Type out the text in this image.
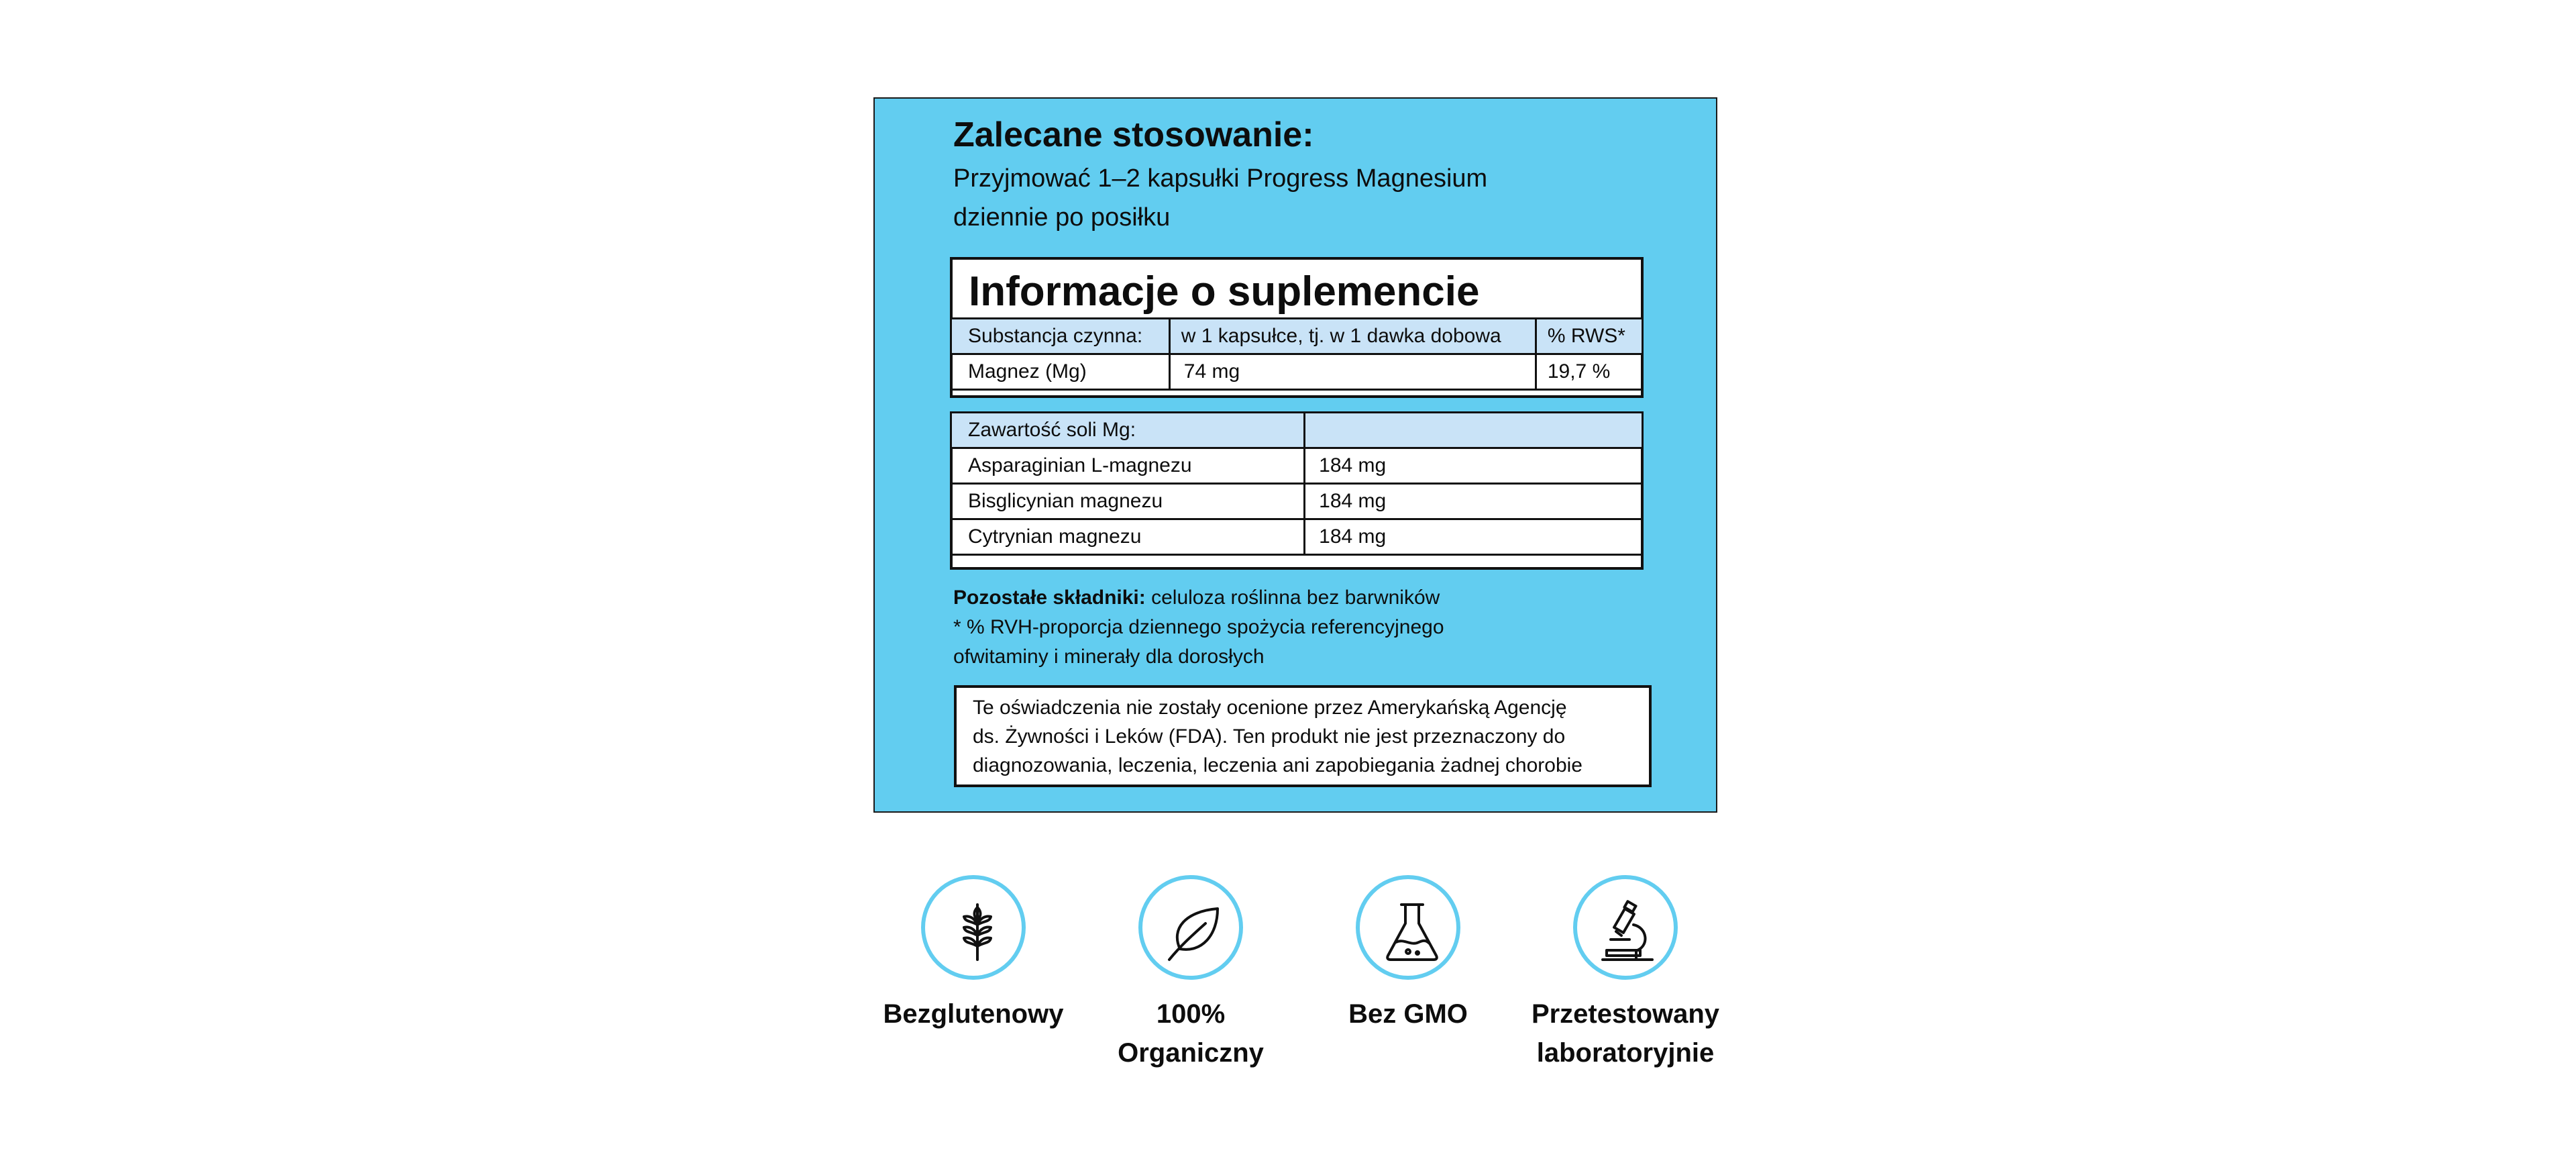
Zalecane stosowanie:

Przyjmować 1–2 kapsułki Progress Magnesium
dziennie po posiłku

Informacje o suplemencie
Substancja czynna:	w 1 kapsułce, tj. w 1 dawka dobowa	% RWS*
Magnez (Mg)	74 mg	19,7 %
Zawartość soli Mg:	
Asparaginian L-magnezu	184 mg
Bisglicynian magnezu	184 mg
Cytrynian magnezu	184 mg

Pozostałe składniki: celuloza roślinna bez barwników
* % RVH-proporcja dziennego spożycia referencyjnego
ofwitaminy i minerały dla dorosłych

Te oświadczenia nie zostały ocenione przez Amerykańską Agencję
ds. Żywności i Leków (FDA). Ten produkt nie jest przeznaczony do
diagnozowania, leczenia, leczenia ani zapobiegania żadnej chorobie

Bezglutenowy	100%
Organiczny
Bez GMO	Przetestowany
laboratoryjnie
